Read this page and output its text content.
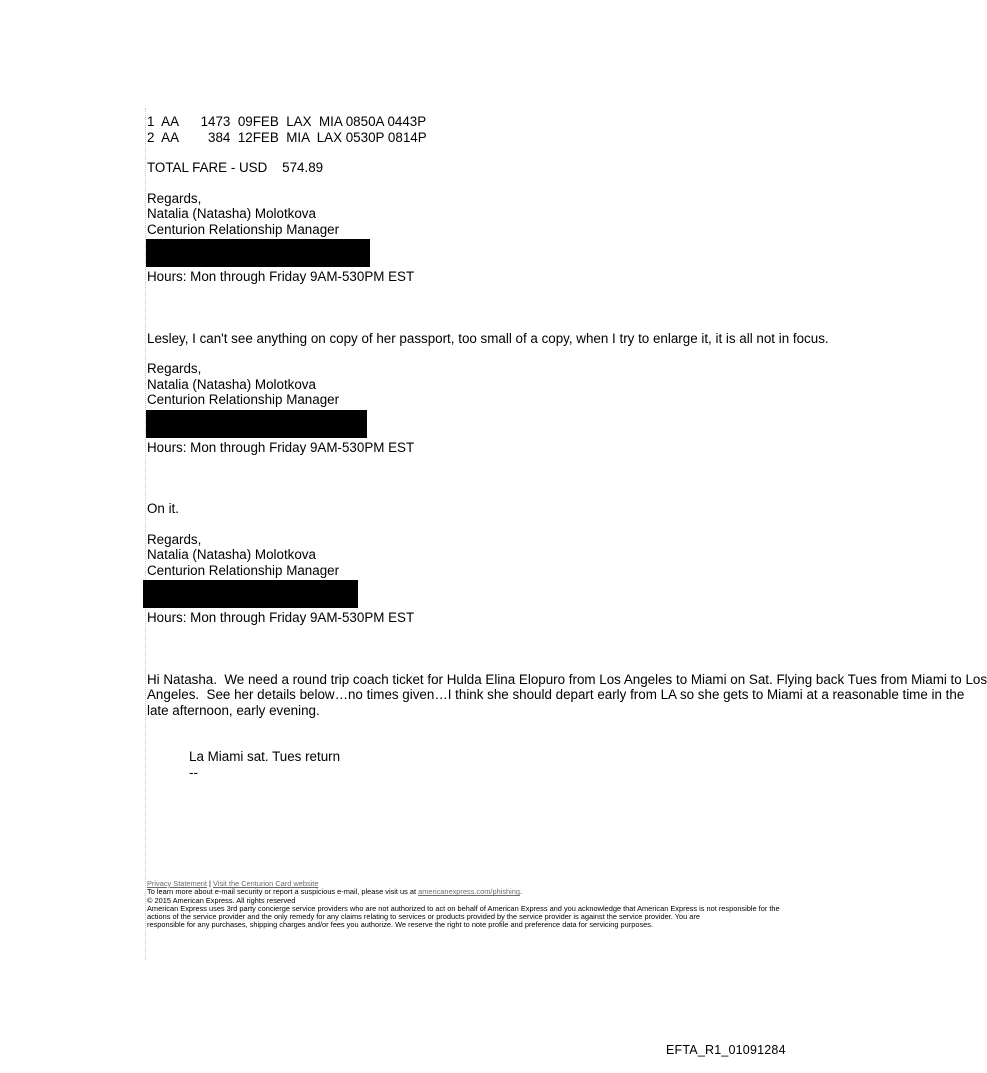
1  AA      1473  09FEB  LAX  MIA 0850A 0443P
2  AA        384  12FEB  MIA  LAX 0530P 0814P
TOTAL FARE - USD    574.89
Regards,
Natalia (Natasha) Molotkova
Centurion Relationship Manager
Hours: Mon through Friday 9AM-530PM EST
Lesley, I can't see anything on copy of her passport, too small of a copy, when I try to enlarge it, it is all not in focus.
Regards,
Natalia (Natasha) Molotkova
Centurion Relationship Manager
Hours: Mon through Friday 9AM-530PM EST
On it.
Regards,
Natalia (Natasha) Molotkova
Centurion Relationship Manager
Hours: Mon through Friday 9AM-530PM EST
Hi Natasha.  We need a round trip coach ticket for Hulda Elina Elopuro from Los Angeles to Miami on Sat. Flying back Tues from Miami to Los
Angeles.  See her details below…no times given…I think she should depart early from LA so she gets to Miami at a reasonable time in the
late afternoon, early evening.
La Miami sat. Tues return
--
Privacy Statement | Visit the Centurion Card website
To learn more about e-mail security or report a suspicious e-mail, please visit us at americanexpress.com/phishing.
© 2015 American Express. All rights reserved
American Express uses 3rd party concierge service providers who are not authorized to act on behalf of American Express and you acknowledge that American Express is not responsible for the
actions of the service provider and the only remedy for any claims relating to services or products provided by the service provider is against the service provider. You are
responsible for any purchases, shipping charges and/or fees you authorize. We reserve the right to note profile and preference data for servicing purposes.
EFTA_R1_01091284
